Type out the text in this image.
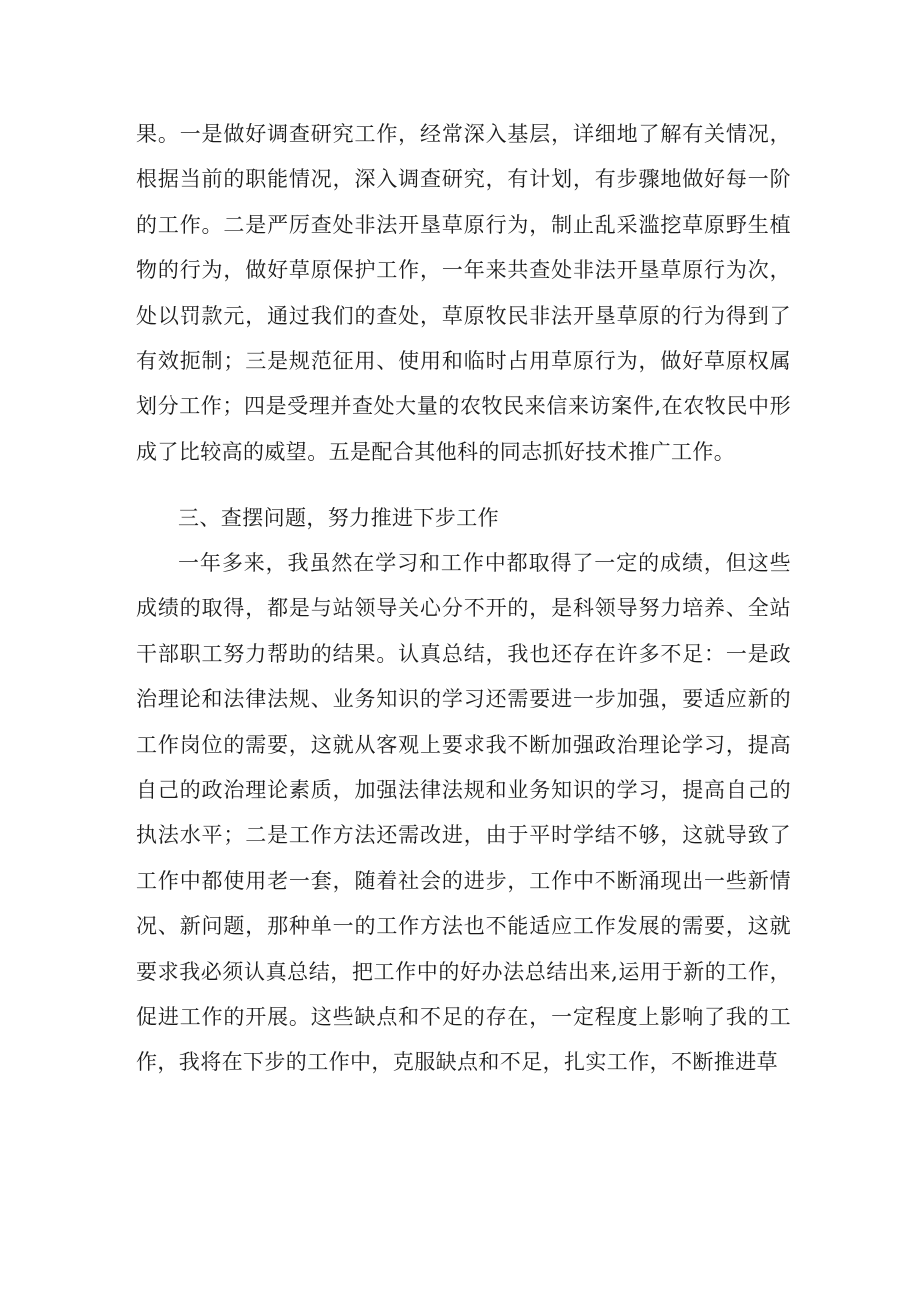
果。一是做好调查研究工作，经常深入基层，详细地了解有关情况，根据当前的职能情况，深入调查研究，有计划，有步骤地做好每一阶的工作。二是严厉查处非法开垦草原行为，制止乱采滥挖草原野生植物的行为，做好草原保护工作，一年来共查处非法开垦草原行为次，处以罚款元，通过我们的查处，草原牧民非法开垦草原的行为得到了有效扼制；三是规范征用、使用和临时占用草原行为，做好草原权属划分工作；四是受理并查处大量的农牧民来信来访案件,在农牧民中形成了比较高的威望。五是配合其他科的同志抓好技术推广工作。

三、查摆问题，努力推进下步工作

一年多来，我虽然在学习和工作中都取得了一定的成绩，但这些成绩的取得，都是与站领导关心分不开的，是科领导努力培养、全站干部职工努力帮助的结果。认真总结，我也还存在许多不足：一是政治理论和法律法规、业务知识的学习还需要进一步加强，要适应新的工作岗位的需要，这就从客观上要求我不断加强政治理论学习，提高自己的政治理论素质，加强法律法规和业务知识的学习，提高自己的执法水平；二是工作方法还需改进，由于平时学结不够，这就导致了工作中都使用老一套，随着社会的进步，工作中不断涌现出一些新情况、新问题，那种单一的工作方法也不能适应工作发展的需要，这就要求我必须认真总结，把工作中的好办法总结出来,运用于新的工作，促进工作的开展。这些缺点和不足的存在，一定程度上影响了我的工作，我将在下步的工作中，克服缺点和不足，扎实工作，不断推进草
